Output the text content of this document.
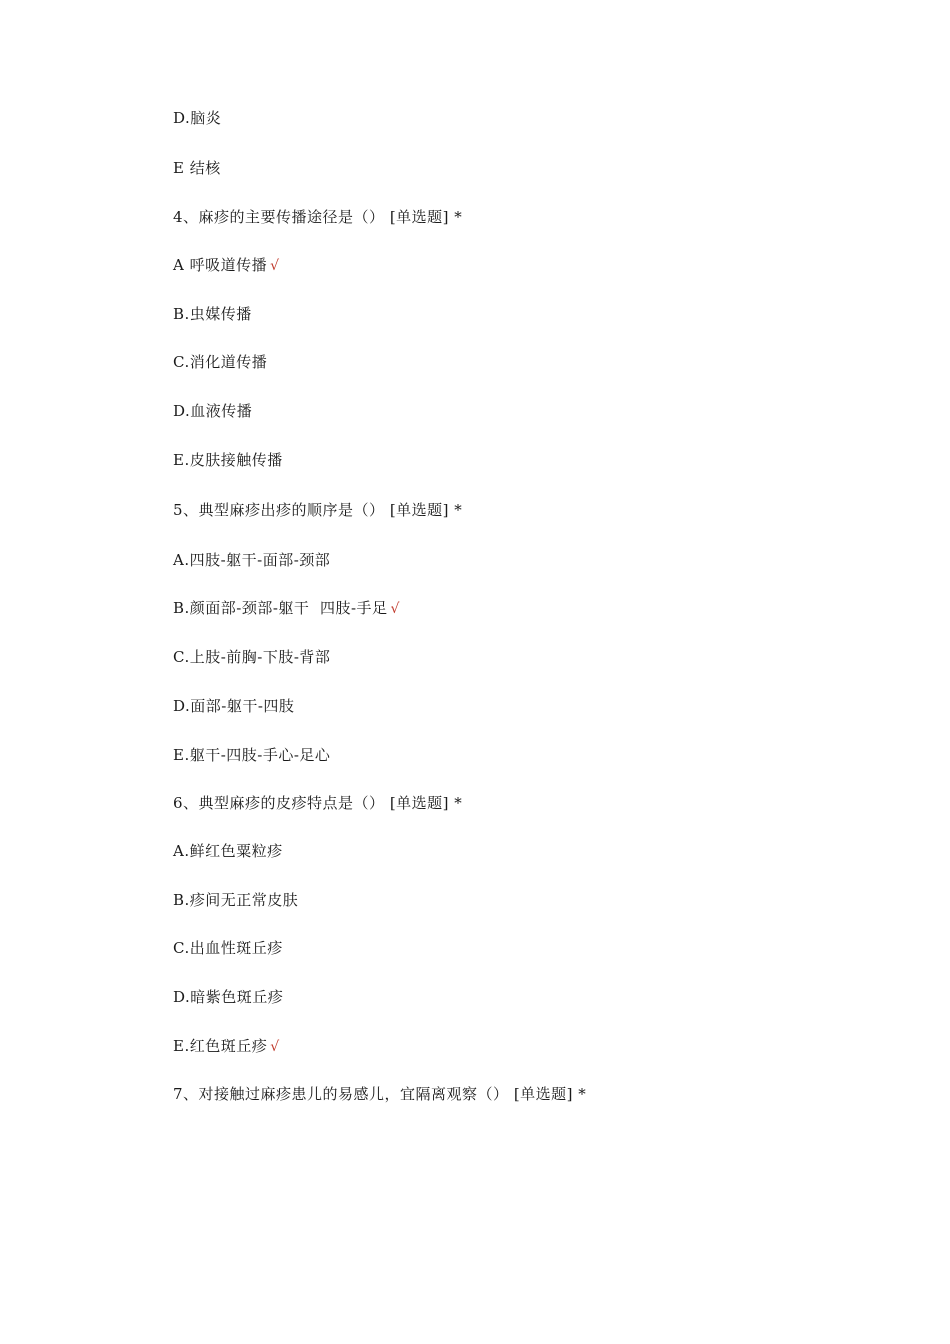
D.脑炎
E 结核
4、麻疹的主要传播途径是（） [单选题] *
A 呼吸道传播 √
B.虫媒传播
C.消化道传播
D.血液传播
E.皮肤接触传播
5、典型麻疹出疹的顺序是（） [单选题] *
A.四肢-躯干-面部-颈部
B.颜面部-颈部-躯干  四肢-手足 √
C.上肢-前胸-下肢-背部
D.面部-躯干-四肢
E.躯干-四肢-手心-足心
6、典型麻疹的皮疹特点是（） [单选题] *
A.鲜红色粟粒疹
B.疹间无正常皮肤
C.出血性斑丘疹
D.暗紫色斑丘疹
E.红色斑丘疹 √
7、对接触过麻疹患儿的易感儿，宜隔离观察（） [单选题] *
